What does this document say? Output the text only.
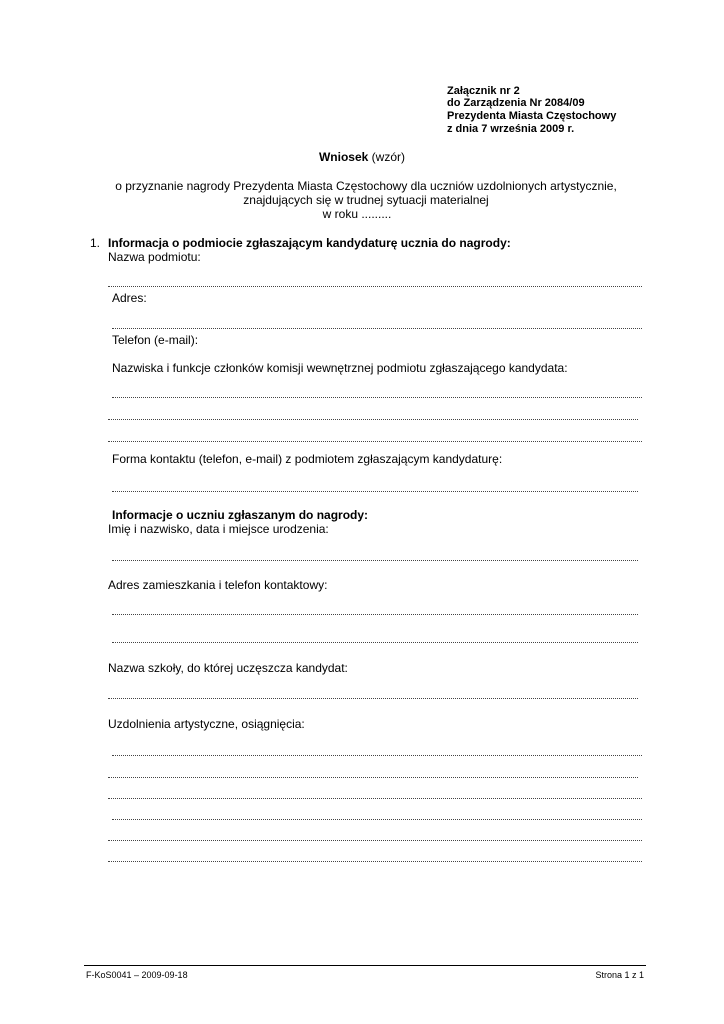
Załącznik nr 2
do Zarządzenia Nr 2084/09
Prezydenta Miasta Częstochowy
z dnia 7 września 2009 r.
Wniosek (wzór)
o przyznanie nagrody Prezydenta Miasta Częstochowy dla uczniów uzdolnionych artystycznie,
znajdujących się w trudnej sytuacji materialnej
w roku .........
1. Informacja o podmiocie zgłaszającym kandydaturę ucznia do nagrody:
Nazwa podmiotu:
Adres:
Telefon (e-mail):
Nazwiska i funkcje członków komisji wewnętrznej podmiotu zgłaszającego kandydata:
Forma kontaktu (telefon, e-mail) z podmiotem zgłaszającym kandydaturę:
Informacje o uczniu zgłaszanym do nagrody:
Imię i nazwisko, data i miejsce urodzenia:
Adres zamieszkania i telefon kontaktowy:
Nazwa szkoły, do której uczęszcza kandydat:
Uzdolnienia artystyczne, osiągnięcia:
F-KoS0041 – 2009-09-18	Strona 1 z 1
